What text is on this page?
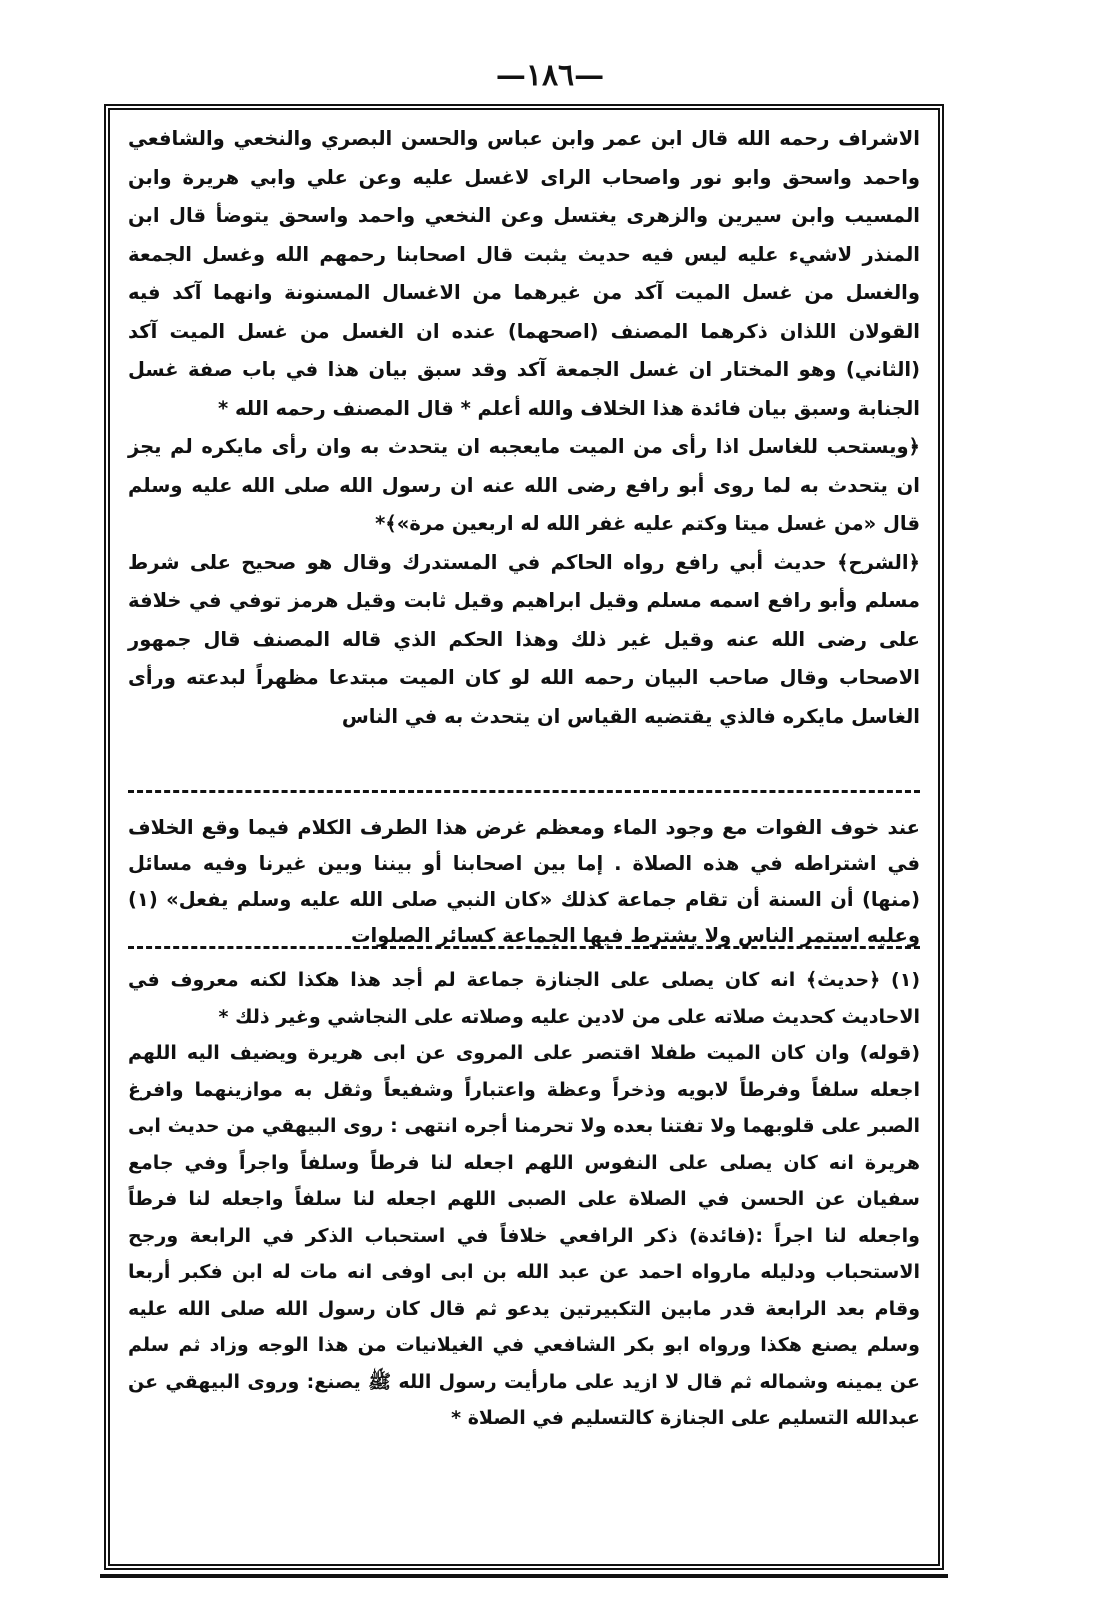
—١٨٦—

الاشراف رحمه الله قال ابن عمر وابن عباس والحسن البصري والنخعي والشافعي واحمد واسحق وابو نور واصحاب الراى لاغسل عليه وعن علي وابي هريرة وابن المسيب وابن سيرين والزهرى يغتسل وعن النخعي واحمد واسحق يتوضأ قال ابن المنذر لاشيء عليه ليس فيه حديث يثبت قال اصحابنا رحمهم الله وغسل الجمعة والغسل من غسل الميت آكد من غيرهما من الاغسال المسنونة وانهما آكد فيه القولان اللذان ذكرهما المصنف (اصحهما) عنده ان الغسل من غسل الميت آكد (الثاني) وهو المختار ان غسل الجمعة آكد وقد سبق بيان هذا في باب صفة غسل الجنابة وسبق بيان فائدة هذا الخلاف والله أعلم * قال المصنف رحمه الله *

﴿ويستحب للغاسل اذا رأى من الميت مايعجبه ان يتحدث به وان رأى مايكره لم يجز ان يتحدث به لما روى أبو رافع رضى الله عنه ان رسول الله صلى الله عليه وسلم قال «من غسل ميتا وكتم عليه غفر الله له اربعين مرة»﴾*

﴿الشرح﴾ حديث أبي رافع رواه الحاكم في المستدرك وقال هو صحيح على شرط مسلم وأبو رافع اسمه مسلم وقيل ابراهيم وقيل ثابت وقيل هرمز توفي في خلافة على رضى الله عنه وقيل غير ذلك وهذا الحكم الذي قاله المصنف قال جمهور الاصحاب وقال صاحب البيان رحمه الله لو كان الميت مبتدعا مظهراً لبدعته ورأى الغاسل مايكره فالذي يقتضيه القياس ان يتحدث به في الناس

عند خوف الفوات مع وجود الماء ومعظم غرض هذا الطرف الكلام فيما وقع الخلاف في اشتراطه في هذه الصلاة . إما بين اصحابنا أو بيننا وبين غيرنا وفيه مسائل (منها) أن السنة أن تقام جماعة كذلك «كان النبي صلى الله عليه وسلم يفعل» (١) وعليه استمر الناس ولا يشترط فيها الجماعة كسائر الصلوات

(١) ﴿حديث﴾ انه كان يصلى على الجنازة جماعة لم أجد هذا هكذا لكنه معروف في الاحاديث كحديث صلاته على من لادين عليه وصلاته على النجاشي وغير ذلك *

(قوله) وان كان الميت طفلا اقتصر على المروى عن ابى هريرة ويضيف اليه اللهم اجعله سلفاً وفرطاً لابويه وذخراً وعظة واعتباراً وشفيعاً وثقل به موازينهما وافرغ الصبر على قلوبهما ولا تفتنا بعده ولا تحرمنا أجره انتهى : روى البيهقي من حديث ابى هريرة انه كان يصلى على النفوس اللهم اجعله لنا فرطاً وسلفاً واجراً وفي جامع سفيان عن الحسن في الصلاة على الصبى اللهم اجعله لنا سلفاً واجعله لنا فرطاً واجعله لنا اجراً :(فائدة) ذكر الرافعي خلافاً في استحباب الذكر في الرابعة ورجح الاستحباب ودليله مارواه احمد عن عبد الله بن ابى اوفى انه مات له ابن فكبر أربعا وقام بعد الرابعة قدر مابين التكبيرتين يدعو ثم قال كان رسول الله صلى الله عليه وسلم يصنع هكذا ورواه ابو بكر الشافعي في الغيلانيات من هذا الوجه وزاد ثم سلم عن يمينه وشماله ثم قال لا ازيد على مارأيت رسول الله ﷺ يصنع: وروى البيهقي عن عبدالله التسليم على الجنازة كالتسليم في الصلاة *
